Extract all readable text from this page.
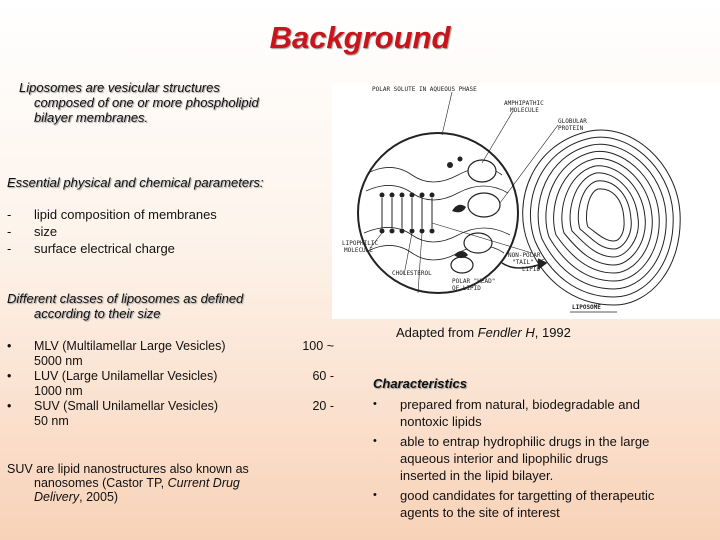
Background
Liposomes are vesicular structures
composed of one or more phospholipid
bilayer membranes.
Essential physical and chemical parameters:
- lipid composition of membranes
- size
- surface electrical charge
Different classes of liposomes as defined
according to their size
• MLV (Multilamellar Large Vesicles)	100 ~
5000 nm
• LUV (Large Unilamellar Vesicles)	60 -
1000 nm
• SUV (Small Unilamellar Vesicles)	20 -
50 nm
SUV are lipid nanostructures also known as
nanosomes (Castor TP, Current Drug
Delivery, 2005)
POLAR SOLUTE IN AQUEOUS PHASE
AMPHIPATHIC
MOLECULE
GLOBULAR
PROTEIN
LIPOPHILIC
MOLECULE
NON-POLAR
"TAIL" OF
LIPID
CHOLESTEROL
POLAR "HEAD"
OF LIPID
LIPOSOME
Adapted from Fendler H, 1992
Characteristics
• prepared from natural, biodegradable and
nontoxic lipids
• able to entrap hydrophilic drugs in the large
aqueous interior and lipophilic drugs
inserted in the lipid bilayer.
• good candidates for targetting of therapeutic
agents to the site of interest
